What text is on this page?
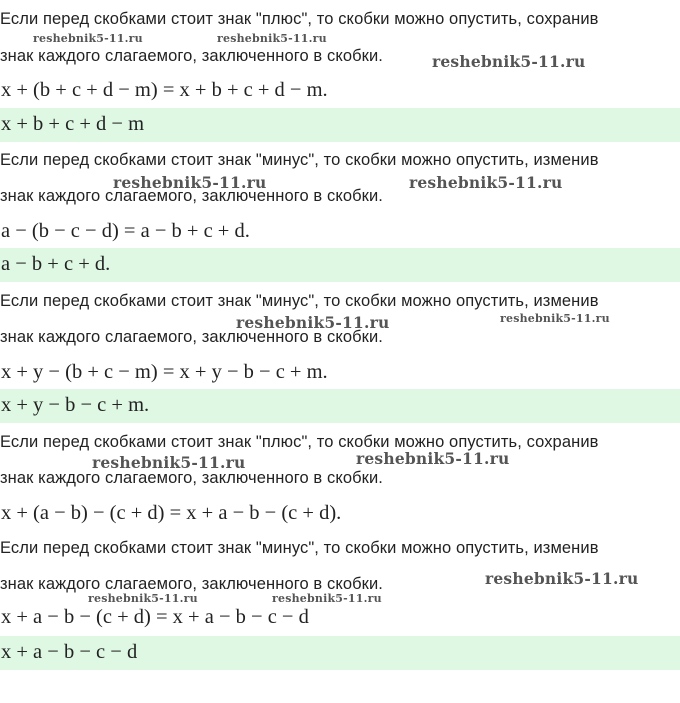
Если перед скобками стоит знак "плюс", то скобки можно опустить, сохранив
знак каждого слагаемого, заключенного в скобки.
x + (b + c + d − m) = x + b + c + d − m.
x + b + c + d − m
Если перед скобками стоит знак "минус", то скобки можно опустить, изменив
знак каждого слагаемого, заключенного в скобки.
a − (b − c − d) = a − b + c + d.
a − b + c + d.
Если перед скобками стоит знак "минус", то скобки можно опустить, изменив
знак каждого слагаемого, заключенного в скобки.
x + y − (b + c − m) = x + y − b − c + m.
x + y − b − c + m.
Если перед скобками стоит знак "плюс", то скобки можно опустить, сохранив
знак каждого слагаемого, заключенного в скобки.
x + (a − b) − (c + d) = x + a − b − (c + d).
Если перед скобками стоит знак "минус", то скобки можно опустить, изменив
знак каждого слагаемого, заключенного в скобки.
x + a − b − (c + d) = x + a − b − c − d
x + a − b − c − d
reshebnik5-11.ru	reshebnik5-11.ru
reshebnik5-11.ru
reshebnik5-11.ru	reshebnik5-11.ru
reshebnik5-11.ru	reshebnik5-11.ru
reshebnik5-11.ru	reshebnik5-11.ru
reshebnik5-11.ru
reshebnik5-11.ru	reshebnik5-11.ru
